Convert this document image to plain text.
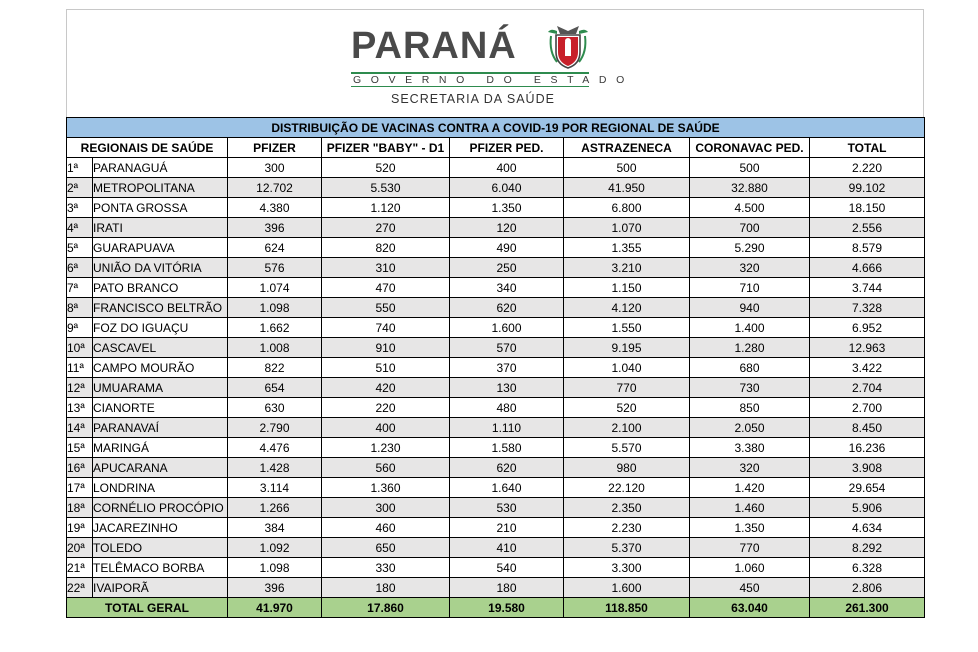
PARANÁ
GOVERNO DO ESTADO
SECRETARIA DA SAÚDE
DISTRIBUIÇÃO DE VACINAS CONTRA A COVID-19 POR REGIONAL DE SAÚDE							
REGIONAIS DE SAÚDE		PFIZER	PFIZER "BABY" - D1	PFIZER PED.	ASTRAZENECA	CORONAVAC PED.	TOTAL
1ª	PARANAGUÁ	300	520	400	500	500	2.220
2ª	METROPOLITANA	12.702	5.530	6.040	41.950	32.880	99.102
3ª	PONTA GROSSA	4.380	1.120	1.350	6.800	4.500	18.150
4ª	IRATI	396	270	120	1.070	700	2.556
5ª	GUARAPUAVA	624	820	490	1.355	5.290	8.579
6ª	UNIÃO DA VITÓRIA	576	310	250	3.210	320	4.666
7ª	PATO BRANCO	1.074	470	340	1.150	710	3.744
8ª	FRANCISCO BELTRÃO	1.098	550	620	4.120	940	7.328
9ª	FOZ DO IGUAÇU	1.662	740	1.600	1.550	1.400	6.952
10ª	CASCAVEL	1.008	910	570	9.195	1.280	12.963
11ª	CAMPO MOURÃO	822	510	370	1.040	680	3.422
12ª	UMUARAMA	654	420	130	770	730	2.704
13ª	CIANORTE	630	220	480	520	850	2.700
14ª	PARANAVAÍ	2.790	400	1.110	2.100	2.050	8.450
15ª	MARINGÁ	4.476	1.230	1.580	5.570	3.380	16.236
16ª	APUCARANA	1.428	560	620	980	320	3.908
17ª	LONDRINA	3.114	1.360	1.640	22.120	1.420	29.654
18ª	CORNÉLIO PROCÓPIO	1.266	300	530	2.350	1.460	5.906
19ª	JACAREZINHO	384	460	210	2.230	1.350	4.634
20ª	TOLEDO	1.092	650	410	5.370	770	8.292
21ª	TELÊMACO BORBA	1.098	330	540	3.300	1.060	6.328
22ª	IVAIPORÃ	396	180	180	1.600	450	2.806
TOTAL GERAL		41.970	17.860	19.580	118.850	63.040	261.300
